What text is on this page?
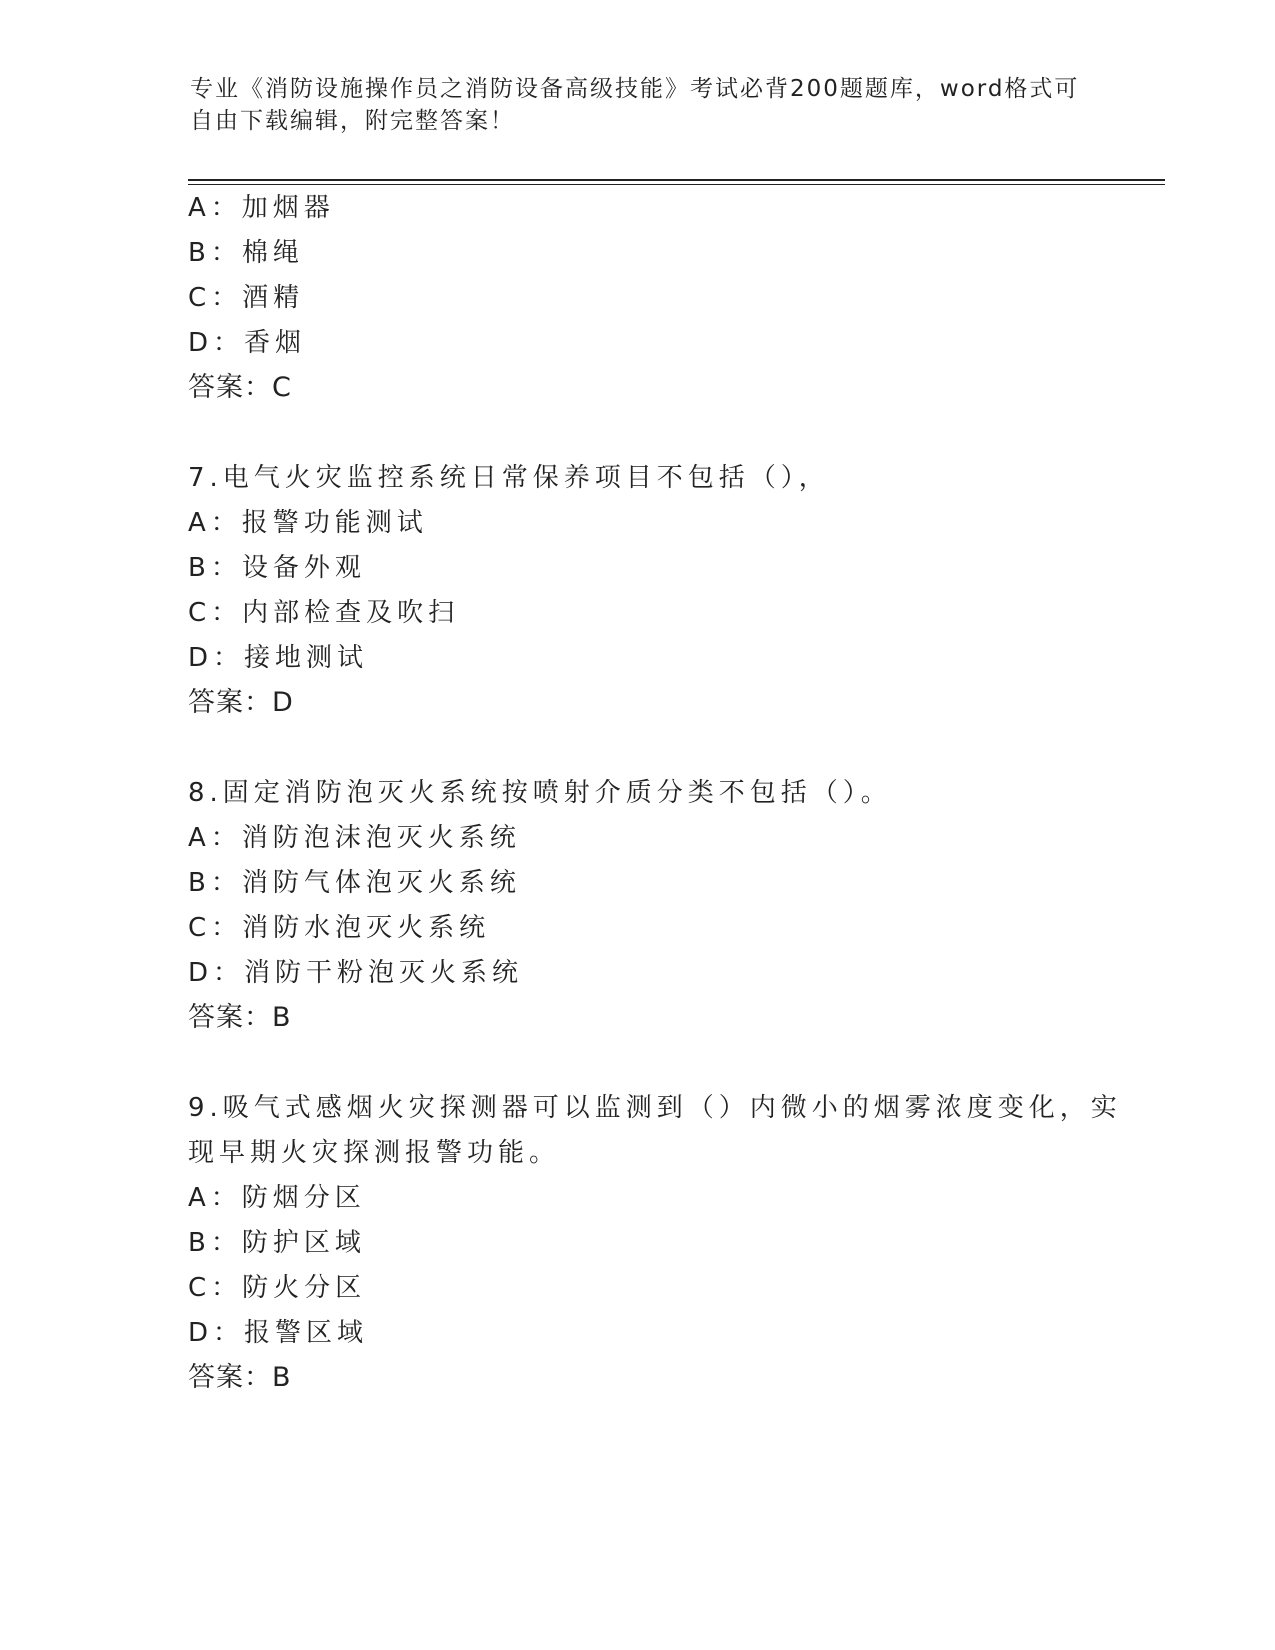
专业《消防设施操作员之消防设备高级技能》考试必背200题题库，word格式可
自由下载编辑，附完整答案！
A：加烟器
B：棉绳
C：酒精
D：香烟
答案：C
7.电气火灾监控系统日常保养项目不包括（），
A：报警功能测试
B：设备外观
C：内部检查及吹扫
D：接地测试
答案：D
8.固定消防泡灭火系统按喷射介质分类不包括（）。
A：消防泡沫泡灭火系统
B：消防气体泡灭火系统
C：消防水泡灭火系统
D：消防干粉泡灭火系统
答案：B
9.吸气式感烟火灾探测器可以监测到（）内微小的烟雾浓度变化，实
现早期火灾探测报警功能。
A：防烟分区
B：防护区域
C：防火分区
D：报警区域
答案：B
